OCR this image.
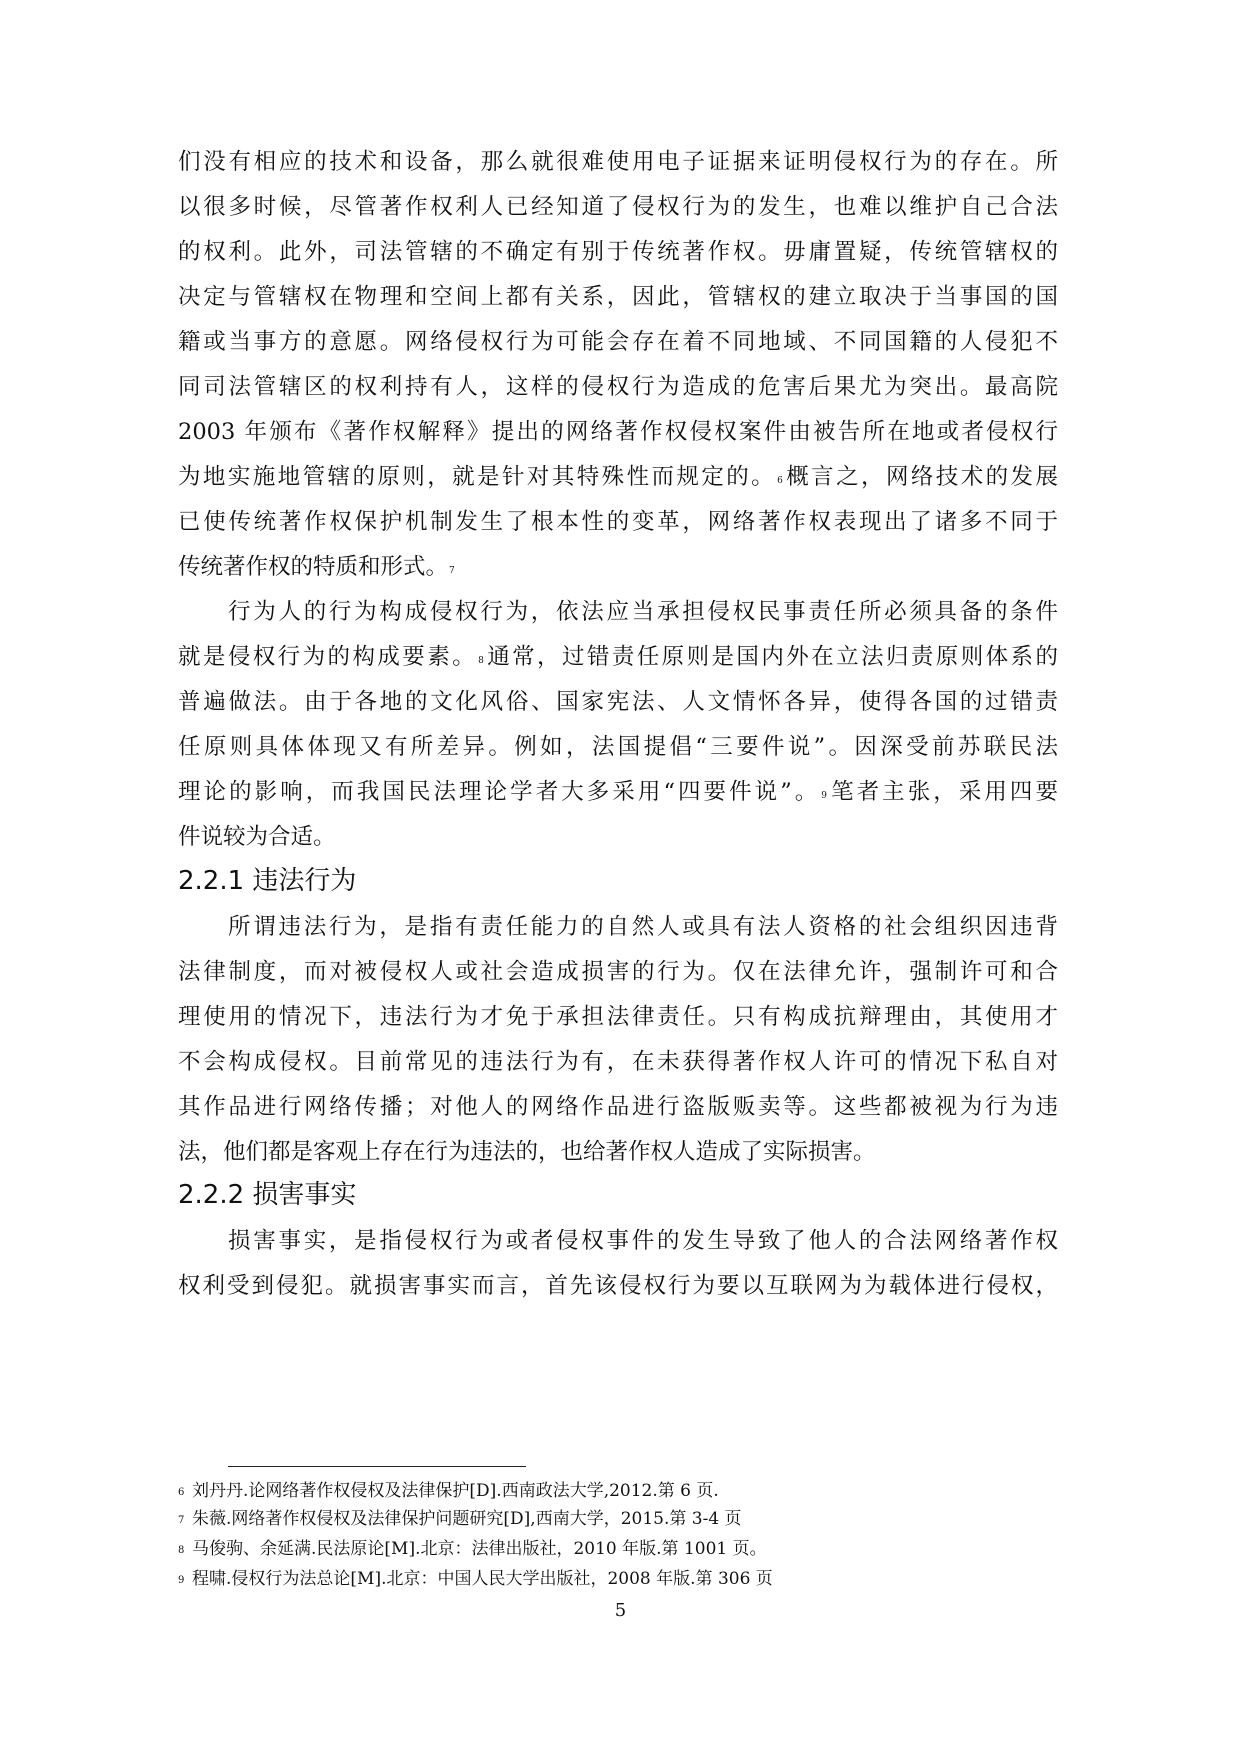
们没有相应的技术和设备，那么就很难使用电子证据来证明侵权行为的存在。所
以很多时候，尽管著作权利人已经知道了侵权行为的发生，也难以维护自己合法
的权利。此外，司法管辖的不确定有别于传统著作权。毋庸置疑，传统管辖权的
决定与管辖权在物理和空间上都有关系，因此，管辖权的建立取决于当事国的国
籍或当事方的意愿。网络侵权行为可能会存在着不同地域、不同国籍的人侵犯不
同司法管辖区的权利持有人，这样的侵权行为造成的危害后果尤为突出。最高院
2003 年颁布《著作权解释》提出的网络著作权侵权案件由被告所在地或者侵权行
为地实施地管辖的原则，就是针对其特殊性而规定的。$^6$概言之，网络技术的发展
已使传统著作权保护机制发生了根本性的变革，网络著作权表现出了诸多不同于
传统著作权的特质和形式。$^7$
行为人的行为构成侵权行为，依法应当承担侵权民事责任所必须具备的条件
就是侵权行为的构成要素。$^8$通常，过错责任原则是国内外在立法归责原则体系的
普遍做法。由于各地的文化风俗、国家宪法、人文情怀各异，使得各国的过错责
任原则具体体现又有所差异。例如，法国提倡“三要件说”。因深受前苏联民法
理论的影响，而我国民法理论学者大多采用“四要件说”。$^9$笔者主张，采用四要
件说较为合适。
2.2.1 违法行为
所谓违法行为，是指有责任能力的自然人或具有法人资格的社会组织因违背
法律制度，而对被侵权人或社会造成损害的行为。仅在法律允许，强制许可和合
理使用的情况下，违法行为才免于承担法律责任。只有构成抗辩理由，其使用才
不会构成侵权。目前常见的违法行为有，在未获得著作权人许可的情况下私自对
其作品进行网络传播；对他人的网络作品进行盗版贩卖等。这些都被视为行为违
法，他们都是客观上存在行为违法的，也给著作权人造成了实际损害。
2.2.2 损害事实
损害事实，是指侵权行为或者侵权事件的发生导致了他人的合法网络著作权
权利受到侵犯。就损害事实而言，首先该侵权行为要以互联网为为载体进行侵权，
6 刘丹丹.论网络著作权侵权及法律保护[D].西南政法大学,2012.第 6 页.
7 朱薇.网络著作权侵权及法律保护问题研究[D],西南大学，2015.第 3-4 页
8 马俊驹、余延满.民法原论[M].北京：法律出版社，2010 年版.第 1001 页。
9 程啸.侵权行为法总论[M].北京：中国人民大学出版社，2008 年版.第 306 页
5
